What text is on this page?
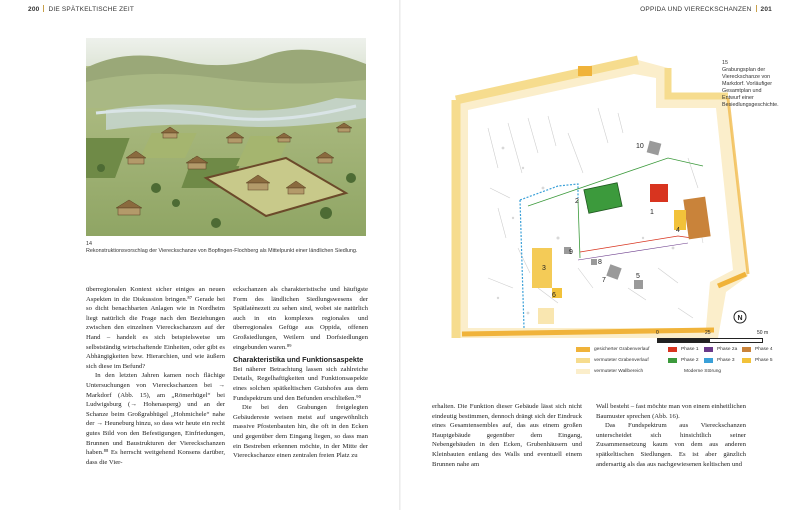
200 DIE SPÄTKELTISCHE ZEIT	OPPIDA UND VIERECKSCHANZEN 201
14
Rekonstruktionsvorschlag der Viereckschanze von Bopfingen-Flochberg als Mittelpunkt einer ländlichen Siedlung.

überregionalen Kontext sicher einiges an neuen Aspekten in die Diskussion bringen.⁸⁷ Gerade bei so dicht benachbarten Anlagen wie in Nordheim liegt natürlich die Frage nach den Beziehungen zwischen den einzelnen Viereckschanzen auf der Hand – handelt es sich beispielsweise um selbstständig wirtschaftende Einheiten, oder gibt es Abhängigkeiten bzw. Hierarchien, und wie äußern sich diese im Befund?

In den letzten Jahren kamen noch flächige Untersuchungen von Viereckschanzen bei → Markdorf (Abb. 15), am „Römerhügel“ bei Ludwigsburg (→ Hohenasperg) und an der Schanze beim Großgrabhügel „Hohmichele“ nahe der → Heuneburg hinzu, so dass wir heute ein recht gutes Bild von den Befestigungen, Einfriedungen, Brunnen und Baustrukturen der Viereckschanzen haben.⁸⁸ Es herrscht weitgehend Konsens darüber, dass die Vier-

eckschanzen als charakteristische und häufigste Form des ländlichen Siedlungswesens der Spätlatènezeit zu sehen sind, wobei sie natürlich auch in ein komplexes regionales und überregionales Gefüge aus Oppida, offenen Großsiedlungen, Weilern und Dorfsiedlungen eingebunden waren.⁸⁹

Charakteristika und Funktionsaspekte

Bei näherer Betrachtung lassen sich zahlreiche Details, Regelhaftigkeiten und Funktionsaspekte eines solchen spätkeltischen Gutshofes aus dem Fundspektrum und den Befunden erschließen.⁹⁰

Die bei den Grabungen freigelegten Gebäudereste weisen meist auf ungewöhnlich massive Pfostenbauten hin, die oft in den Ecken und gegenüber dem Eingang liegen, so dass man ein Bestreben erkennen möchte, in der Mitte der Viereckschanze einen zentralen freien Platz zu

10
2
1
4
3
9
8
5
7
6
N
0	25	50 m
gesicherter Grabenverlauf
vermuteter Grabenverlauf
vermuteter Wallbereich
Phase 1
Phase 2
Phase 2a
Phase 3
Phase 4
Phase 5
Moderne Störung
15
Grabungsplan der Viereckschanze von Markdorf. Vorläufiger Gesamtplan und Entwurf einer Besiedlungsgeschichte.

erhalten. Die Funktion dieser Gebäude lässt sich nicht eindeutig bestimmen, dennoch drängt sich der Eindruck eines Gesamtensembles auf, das aus einem großen Hauptgebäude gegenüber dem Eingang, Nebengebäuden in den Ecken, Grubenhäusern und Kleinbauten entlang des Walls und eventuell einem Brunnen nahe am

Wall besteht – fast möchte man von einem einheitlichen Baumuster sprechen (Abb. 16).

Das Fundspektrum aus Viereckschanzen unterscheidet sich hinsichtlich seiner Zusammensetzung kaum von dem aus anderen spätkeltischen Siedlungen. Es ist aber gänzlich andersartig als das aus nachgewiesenen keltischen und
